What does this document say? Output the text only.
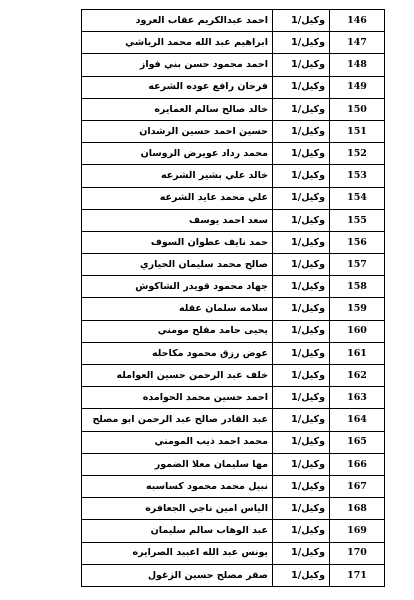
146	وكيل/1	احمد عبدالكريم عقاب العرود
147	وكيل/1	ابراهيم عبد الله محمد الرياشي
148	وكيل/1	احمد محمود حسن بني فواز
149	وكيل/1	فرحان رافع عوده الشرعه
150	وكيل/1	خالد صالح سالم العمايره
151	وكيل/1	حسين احمد حسين الرشدان
152	وكيل/1	محمد رداد عويرض الروسان
153	وكيل/1	خالد علي بشير الشرعه
154	وكيل/1	علي محمد عايد الشرعه
155	وكيل/1	سعد احمد يوسف
156	وكيل/1	حمد نايف عطوان السوف
157	وكيل/1	صالح محمد سليمان الحياري
158	وكيل/1	جهاد محمود قويدر الشاكوش
159	وكيل/1	سلامه سلمان عقله
160	وكيل/1	يحيى حامد مفلح مومني
161	وكيل/1	عوض رزق محمود مكاحله
162	وكيل/1	خلف عبد الرحمن حسين العوامله
163	وكيل/1	احمد حسين محمد الحوامده
164	وكيل/1	عبد القادر صالح عبد الرحمن ابو مصلح
165	وكيل/1	محمد احمد ذيب المومني
166	وكيل/1	مها سليمان معلا الضمور
167	وكيل/1	نبيل محمد محمود كساسبه
168	وكيل/1	الياس امين ناجي الجعافره
169	وكيل/1	عبد الوهاب سالم سليمان
170	وكيل/1	يونس عبد الله اعبيد الصرايره
171	وكيل/1	صقر مصلح حسين الزغول
